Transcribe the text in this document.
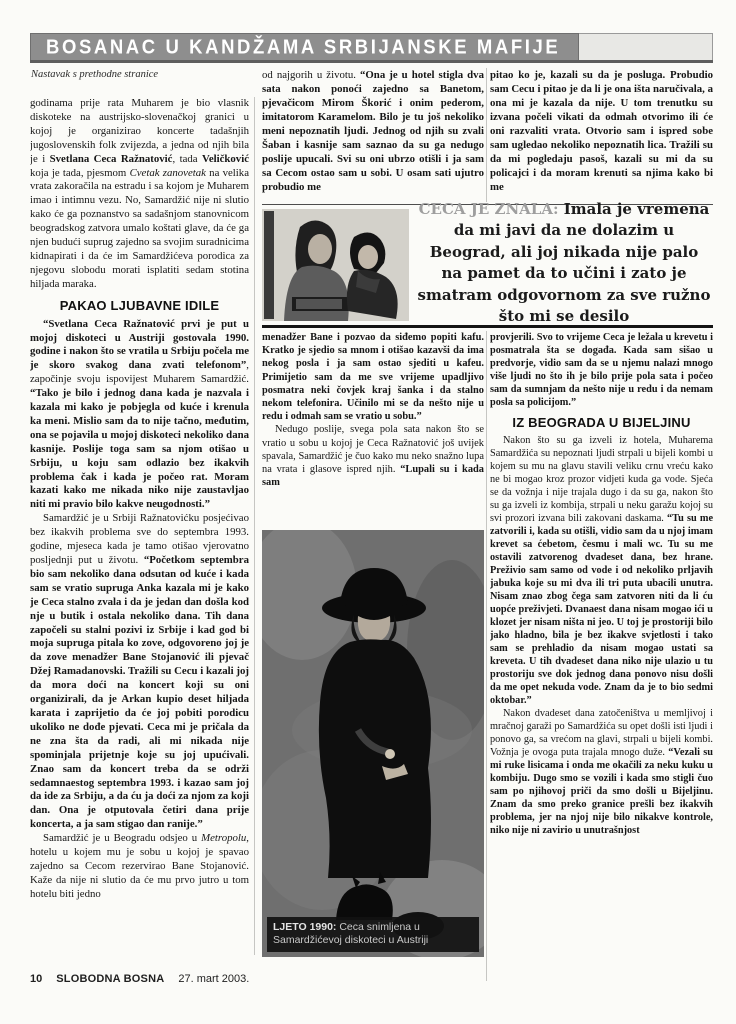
BOSANAC U KANDŽAMA SRBIJANSKE MAFIJE
Nastavak s prethodne stranice

godinama prije rata Muharem je bio vlasnik diskoteke na austrijsko-slovenačkoj granici u kojoj je organizirao koncerte tadašnjih jugoslovenskih folk zvijezda, a jedna od njih bila je i Svetlana Ceca Ražnatović, tada Veličković koja je tada, pjesmom Cvetak zanovetak na velika vrata zakoračila na estradu i sa kojom je Muharem imao i intimnu vezu. No, Samardžić nije ni slutio kako će ga poznanstvo sa sadašnjom stanovnicom beogradskog zatvora umalo koštati glave, da će ga njen budući suprug zajedno sa svojim suradnicima kidnapirati i da će im Samardžićeva porodica za njegovu slobodu morati isplatiti sedam stotina hiljada maraka.

PAKAO LJUBAVNE IDILE

“Svetlana Ceca Ražnatović prvi je put u mojoj diskoteci u Austriji gostovala 1990. godine i nakon što se vratila u Srbiju počela me je skoro svakog dana zvati telefonom”, započinje svoju ispovijest Muharem Samardžić. “Tako je bilo i jednog dana kada je nazvala i kazala mi kako je pobjegla od kuće i krenula ka meni. Mislio sam da to nije tačno, međutim, ona se pojavila u mojoj diskoteci nekoliko dana kasnije. Poslije toga sam sa njom otišao u Srbiju, u koju sam odlazio bez ikakvih problema čak i kada je počeo rat. Moram kazati kako me nikada niko nije zaustavljao niti mi pravio bilo kakve neugodnosti.”

Samardžić je u Srbiji Ražnatovićku posjećivao bez ikakvih problema sve do septembra 1993. godine, mjeseca kada je tamo otišao vjerovatno posljednji put u životu. “Početkom septembra bio sam nekoliko dana odsutan od kuće i kada sam se vratio supruga Anka kazala mi je kako je Ceca stalno zvala i da je jedan dan došla kod nje u butik i ostala nekoliko dana. Tih dana započeli su stalni pozivi iz Srbije i kad god bi moja supruga pitala ko zove, odgovoreno joj je da zove menadžer Bane Stojanović ili pjevač Džej Ramadanovski. Tražili su Cecu i kazali joj da mora doći na koncert koji su oni organizirali, da je Arkan kupio deset hiljada karata i zaprijetio da će joj pobiti porodicu ukoliko ne dođe pjevati. Ceca mi je pričala da ne zna šta da radi, ali mi nikada nije spominjala prijetnje koje su joj upućivali. Znao sam da koncert treba da se održi sedamnaestog septembra 1993. i kazao sam joj da ide za Srbiju, a da ću ja doći za njom za koji dan. Ona je otputovala četiri dana prije koncerta, a ja sam stigao dan ranije.”

Samardžić je u Beogradu odsjeo u Metropolu, hotelu u kojem mu je sobu u kojoj je spavao zajedno sa Cecom rezervirao Bane Stojanović. Kaže da nije ni slutio da će mu prvo jutro u tom hotelu biti jedno

od najgorih u životu. “Ona je u hotel stigla dva sata nakon ponoći zajedno sa Banetom, pjevačicom Mirom Škorić i onim pederom, imitatorom Karamelom. Bilo je tu još nekoliko meni nepoznatih ljudi. Jednog od njih su zvali Šaban i kasnije sam saznao da su ga nedugo poslije upucali. Svi su oni ubrzo otišli i ja sam sa Cecom ostao sam u sobi. U osam sati ujutro probudio me

pitao ko je, kazali su da je posluga. Probudio sam Cecu i pitao je da li je ona išta naručivala, a ona mi je kazala da nije. U tom trenutku su izvana počeli vikati da odmah otvorimo ili će oni razvaliti vrata. Otvorio sam i ispred sobe sam ugledao nekoliko nepoznatih lica. Tražili su da mi pogledaju pasoš, kazali su mi da su policajci i da moram krenuti sa njima kako bi me

menadžer Bane i pozvao da siđemo popiti kafu. Kratko je sjedio sa mnom i otišao kazavši da ima nekog posla i ja sam ostao sjediti u kafeu. Primijetio sam da me sve vrijeme upadljivo posmatra neki čovjek kraj šanka i da stalno nekom telefonira. Učinilo mi se da nešto nije u redu i odmah sam se vratio u sobu.”

Nedugo poslije, svega pola sata nakon što se vratio u sobu u kojoj je Ceca Ražnatović još uvijek spavala, Samardžić je čuo kako mu neko snažno lupa na vrata i glasove ispred njih. “Lupali su i kada sam

provjerili. Svo to vrijeme Ceca je ležala u krevetu i posmatrala šta se događa. Kada sam sišao u predvorje, vidio sam da se u njemu nalazi mnogo više ljudi no što ih je bilo prije pola sata i počeo sam da sumnjam da nešto nije u redu i da nemam posla sa policijom.”

IZ BEOGRADA U BIJELJINU

Nakon što su ga izveli iz hotela, Muharema Samardžića su nepoznati ljudi strpali u bijeli kombi u kojem su mu na glavu stavili veliku crnu vreću kako ne bi mogao kroz prozor vidjeti kuda ga vode. Sjeća se da vožnja i nije trajala dugo i da su ga, nakon što su ga izveli iz kombija, strpali u neku garažu kojoj su svi prozori izvana bili zakovani daskama. “Tu su me zatvorili i, kada su otišli, vidio sam da u njoj imam krevet sa ćebetom, česmu i mali wc. Tu su me ostavili zatvorenog dvadeset dana, bez hrane. Preživio sam samo od vode i od nekoliko prljavih jabuka koje su mi dva ili tri puta ubacili unutra. Nisam znao zbog čega sam zatvoren niti da li ću uopće preživjeti. Dvanaest dana nisam mogao ići u klozet jer nisam ništa ni jeo. U toj je prostoriji bilo jako hladno, bila je bez ikakve svjetlosti i tako sam se prehladio da nisam mogao ustati sa kreveta. U tih dvadeset dana niko nije ulazio u tu prostoriju sve dok jednog dana ponovo nisu došli da me opet nekuda vode. Znam da je to bio sedmi oktobar.”

Nakon dvadeset dana zatočeništva u memljivoj i mračnoj garaži po Samardžića su opet došli isti ljudi i ponovo ga, sa vrećom na glavi, strpali u bijeli kombi. Vožnja je ovoga puta trajala mnogo duže. “Vezali su mi ruke lisicama i onda me okačili za neku kuku u kombiju. Dugo smo se vozili i kada smo stigli čuo sam po njihovoj priči da smo došli u Bijeljinu. Znam da smo preko granice prešli bez ikakvih problema, jer na njoj nije bilo nikakve kontrole, niko nije ni zavirio u unutrašnjost

CECA JE ZNALA: Imala je vremena da mi javi da ne dolazim u Beograd, ali joj nikada nije palo na pamet da to učini i zato je smatram odgovornom za sve ružno što mi se desilo
LJETO 1990: Ceca snimljena u Samardžićevoj diskoteci u Austriji
10 SLOBODNA BOSNA 27. mart 2003.
